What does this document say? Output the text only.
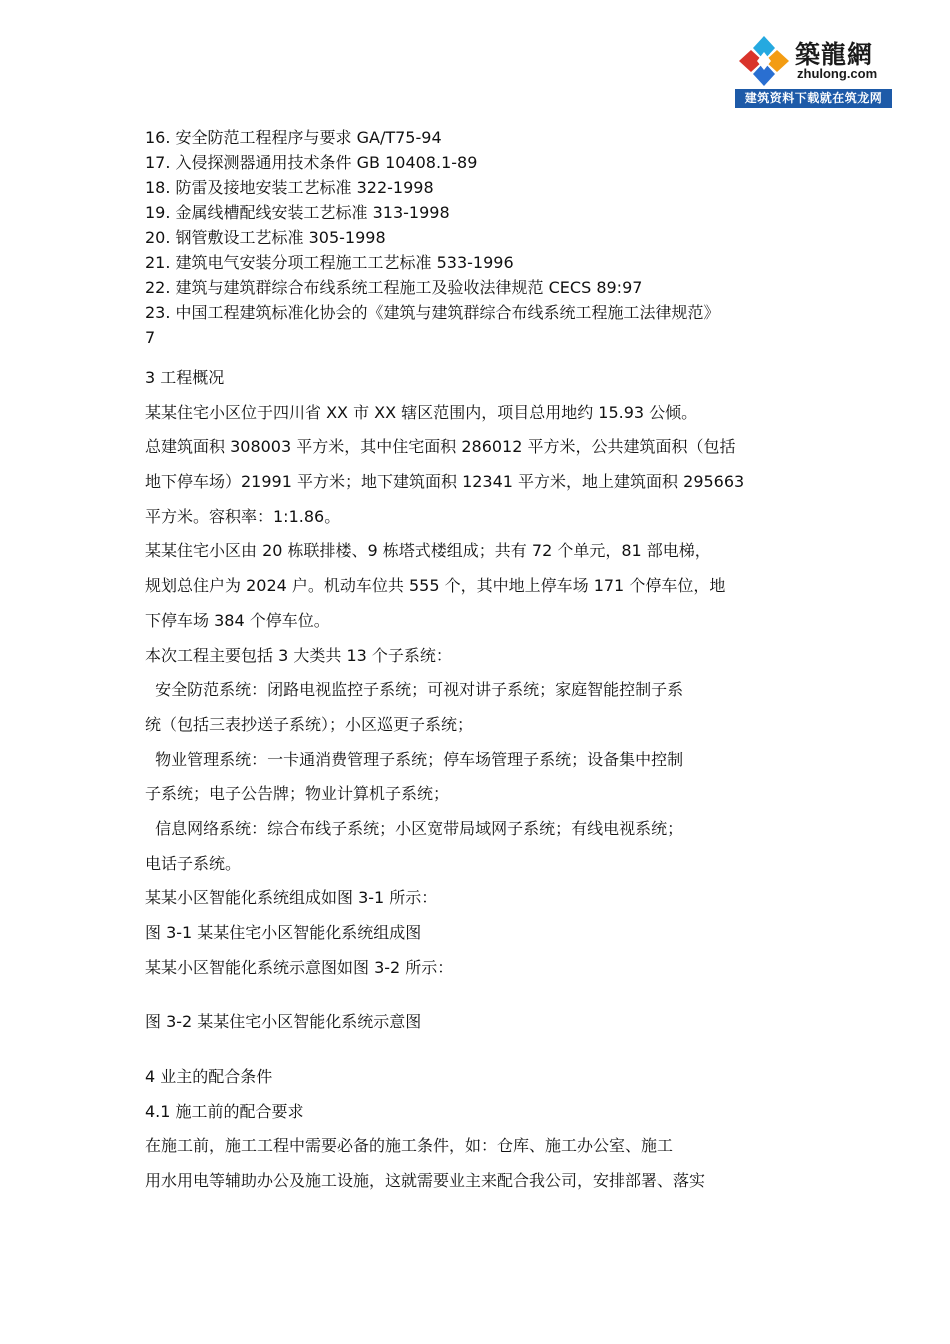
築龍網
zhulong.com
建筑资料下载就在筑龙网
16. 安全防范工程程序与要求 GA/T75-94
17. 入侵探测器通用技术条件 GB 10408.1-89
18. 防雷及接地安装工艺标准 322-1998
19. 金属线槽配线安装工艺标准 313-1998
20. 钢管敷设工艺标准 305-1998
21. 建筑电气安装分项工程施工工艺标准 533-1996
22. 建筑与建筑群综合布线系统工程施工及验收法律规范 CECS 89:97
23. 中国工程建筑标准化协会的《建筑与建筑群综合布线系统工程施工法律规范》
7
3 工程概况
某某住宅小区位于四川省 XX 市 XX 辖区范围内，项目总用地约 15.93 公倾。
总建筑面积 308003 平方米，其中住宅面积 286012 平方米，公共建筑面积（包括
地下停车场）21991 平方米；地下建筑面积 12341 平方米，地上建筑面积 295663
平方米。容积率：1:1.86。
某某住宅小区由 20 栋联排楼、9 栋塔式楼组成；共有 72 个单元，81 部电梯，
规划总住户为 2024 户。机动车位共 555 个，其中地上停车场 171 个停车位，地
下停车场 384 个停车位。
本次工程主要包括 3 大类共 13 个子系统：
安全防范系统：闭路电视监控子系统；可视对讲子系统；家庭智能控制子系
统（包括三表抄送子系统）；小区巡更子系统；
物业管理系统：一卡通消费管理子系统；停车场管理子系统；设备集中控制
子系统；电子公告牌；物业计算机子系统；
信息网络系统：综合布线子系统；小区宽带局域网子系统；有线电视系统；
电话子系统。
某某小区智能化系统组成如图 3-1 所示：
图 3-1 某某住宅小区智能化系统组成图
某某小区智能化系统示意图如图 3-2 所示：
图 3-2 某某住宅小区智能化系统示意图
4 业主的配合条件
4.1 施工前的配合要求
在施工前，施工工程中需要必备的施工条件，如：仓库、施工办公室、施工
用水用电等辅助办公及施工设施，这就需要业主来配合我公司，安排部署、落实
